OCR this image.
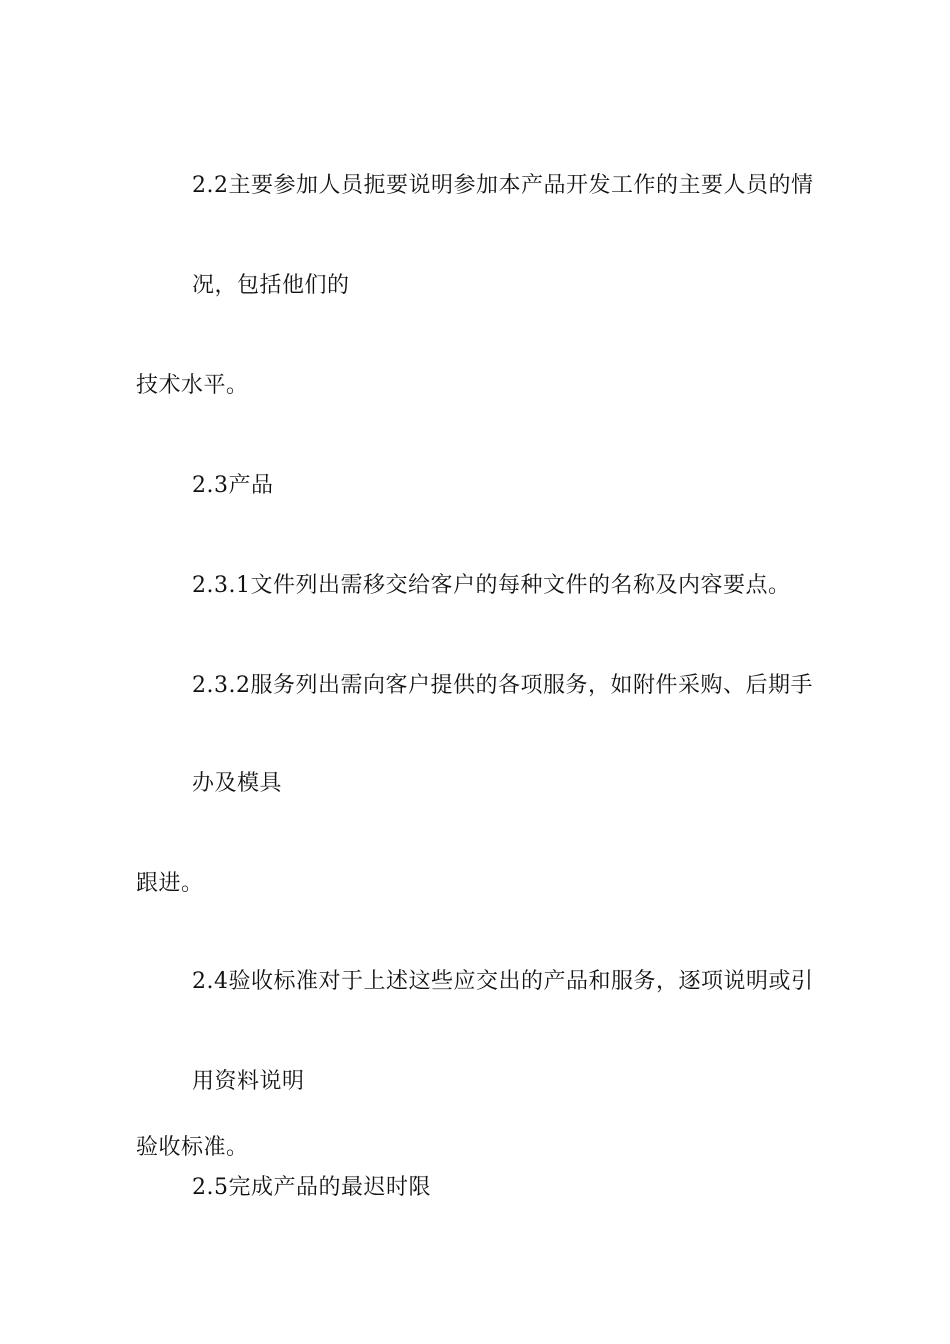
2.2主要参加人员扼要说明参加本产品开发工作的主要人员的情
况，包括他们的
技术水平。
2.3产品
2.3.1文件列出需移交给客户的每种文件的名称及内容要点。
2.3.2服务列出需向客户提供的各项服务，如附件采购、后期手
办及模具
跟进。
2.4验收标准对于上述这些应交出的产品和服务，逐项说明或引
用资料说明
验收标准。
2.5完成产品的最迟时限
